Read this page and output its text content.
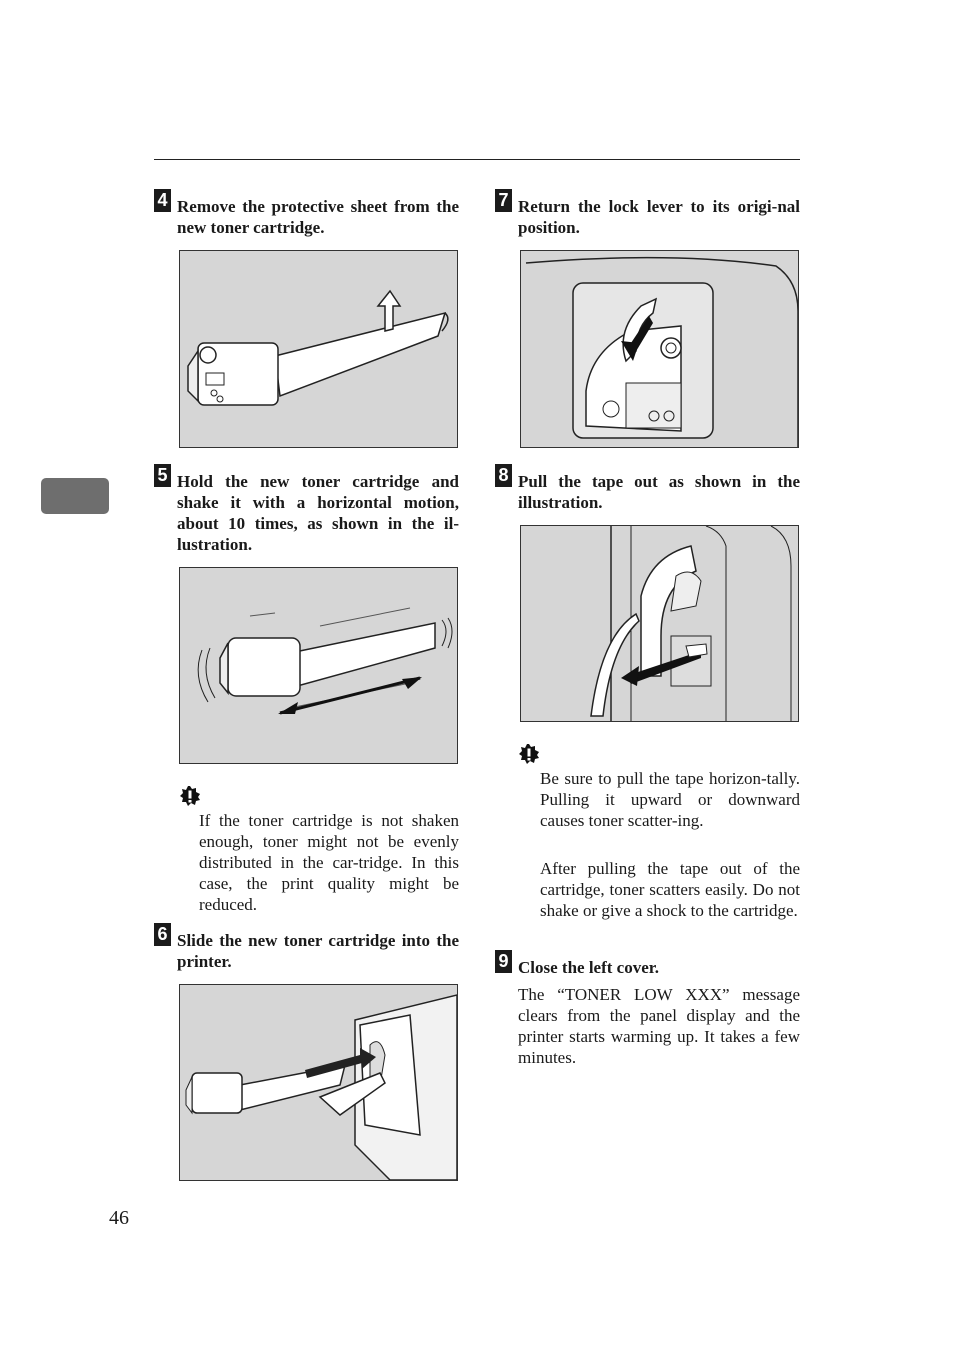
4 Remove the protective sheet from the new toner cartridge.

5 Hold the new toner cartridge and shake it with a horizontal motion, about 10 times, as shown in the il-lustration.

If the toner cartridge is not shaken enough, toner might not be evenly distributed in the car-tridge. In this case, the print quality might be reduced.

6 Slide the new toner cartridge into the printer.

7 Return the lock lever to its origi-nal position.

8 Pull the tape out as shown in the illustration.

Be sure to pull the tape horizon-tally. Pulling it upward or downward causes toner scatter-ing.

After pulling the tape out of the cartridge, toner scatters easily. Do not shake or give a shock to the cartridge.

9 Close the left cover.

The “TONER LOW XXX” message clears from the panel display and the printer starts warming up. It takes a few minutes.

46
